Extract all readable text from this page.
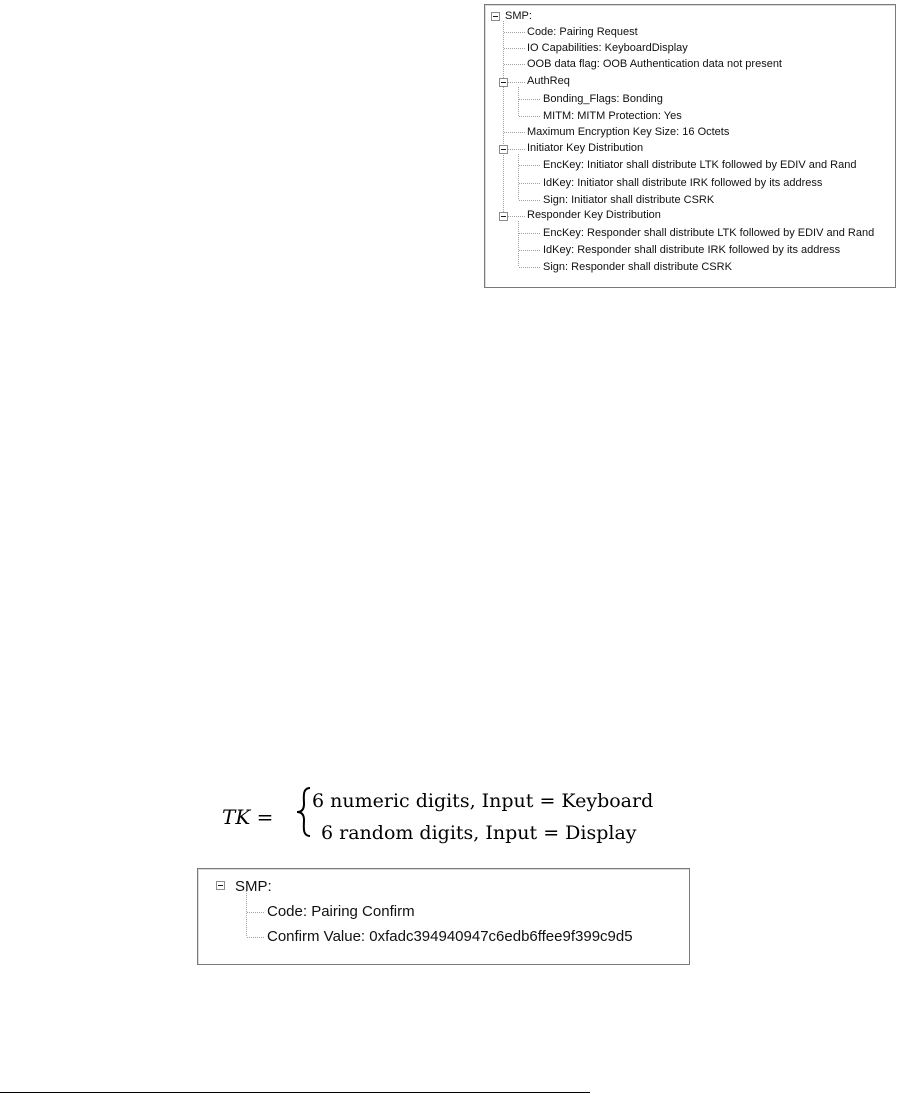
SMP:
Code: Pairing Request
IO Capabilities: KeyboardDisplay
OOB data flag: OOB Authentication data not present
AuthReq
Bonding_Flags: Bonding
MITM: MITM Protection: Yes
Maximum Encryption Key Size: 16 Octets
Initiator Key Distribution
EncKey: Initiator shall distribute LTK followed by EDIV and Rand
IdKey: Initiator shall distribute IRK followed by its address
Sign: Initiator shall distribute CSRK
Responder Key Distribution
EncKey: Responder shall distribute LTK followed by EDIV and Rand
IdKey: Responder shall distribute IRK followed by its address
Sign: Responder shall distribute CSRK
TK =
6 numeric digits, Input = Keyboard
6 random digits, Input = Display
SMP:
Code: Pairing Confirm
Confirm Value: 0xfadc394940947c6edb6ffee9f399c9d5
